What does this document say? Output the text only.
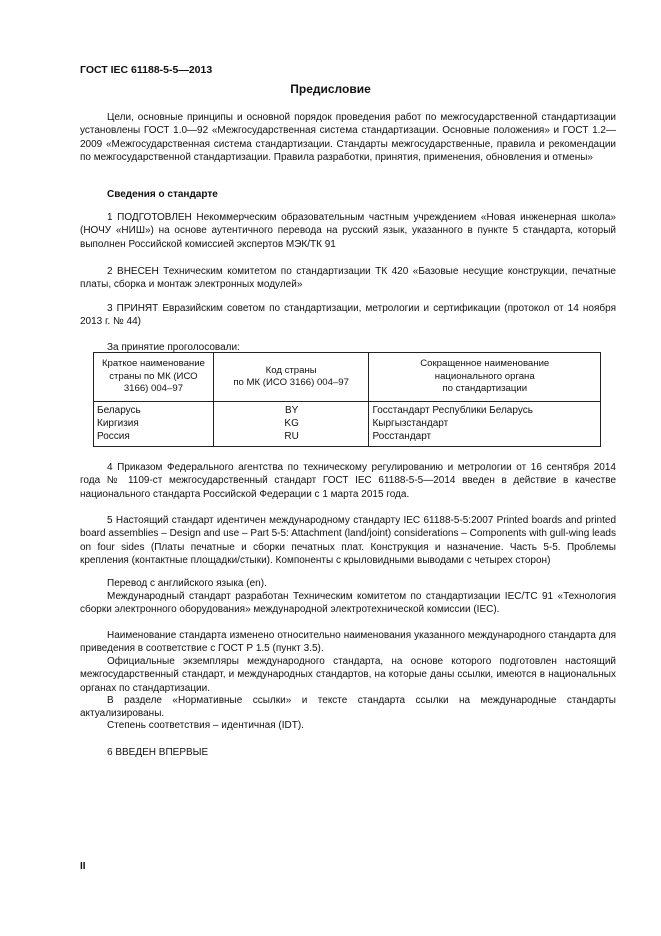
ГОСТ IEC 61188-5-5—2013
Предисловие

Цели, основные принципы и основной порядок проведения работ по межгосударственной стандартизации установлены ГОСТ 1.0—92 «Межгосударственная система стандартизации. Основные положения» и ГОСТ 1.2—2009 «Межгосударственная система стандартизации. Стандарты межгосударственные, правила и рекомендации по межгосударственной стандартизации. Правила разработки, принятия, применения, обновления и отмены»

Сведения о стандарте

1 ПОДГОТОВЛЕН Некоммерческим образовательным частным учреждением «Новая инженерная школа» (НОЧУ «НИШ») на основе аутентичного перевода на русский язык, указанного в пункте 5 стандарта, который выполнен Российской комиссией экспертов МЭК/ТК 91

2 ВНЕСЕН Техническим комитетом по стандартизации ТК 420 «Базовые несущие конструкции, печатные платы, сборка и монтаж электронных модулей»

3 ПРИНЯТ Евразийским советом по стандартизации, метрологии и сертификации (протокол от 14 ноября 2013 г. № 44)

За принятие проголосовали:

Краткое наименование
страны по МК (ИСО
3166) 004–97	Код страны
по МК (ИСО 3166) 004–97	Сокращенное наименование
национального органа
по стандартизации

Беларусь
Киргизия
Россия	BY
KG
RU	Госстандарт Республики Беларусь
Кыргызстандарт
Росстандарт

4 Приказом Федерального агентства по техническому регулированию и метрологии от 16 сентября 2014 года № 1109-ст межгосударственный стандарт ГОСТ IEC 61188-5-5—2014 введен в действие в качестве национального стандарта Российской Федерации с 1 марта 2015 года.

5 Настоящий стандарт идентичен международному стандарту IEC 61188-5-5:2007 Printed boards and printed board assemblies – Design and use – Part 5-5: Attachment (land/joint) considerations – Components with gull-wing leads on four sides (Платы печатные и сборки печатных плат. Конструкция и назначение. Часть 5-5. Проблемы крепления (контактные площадки/стыки). Компоненты с крыловидными выводами с четырех сторон)

Перевод с английского языка (en).

Международный стандарт разработан Техническим комитетом по стандартизации IEC/TC 91 «Технология сборки электронного оборудования» международной электротехнической комиссии (IEC).

Наименование стандарта изменено относительно наименования указанного международного стандарта для приведения в соответствие с ГОСТ Р 1.5 (пункт 3.5).

Официальные экземпляры международного стандарта, на основе которого подготовлен настоящий межгосударственный стандарт, и международных стандартов, на которые даны ссылки, имеются в национальных органах по стандартизации.

В разделе «Нормативные ссылки» и тексте стандарта ссылки на международные стандарты актуализированы.

Степень соответствия – идентичная (IDT).

6 ВВЕДЕН ВПЕРВЫЕ

II
